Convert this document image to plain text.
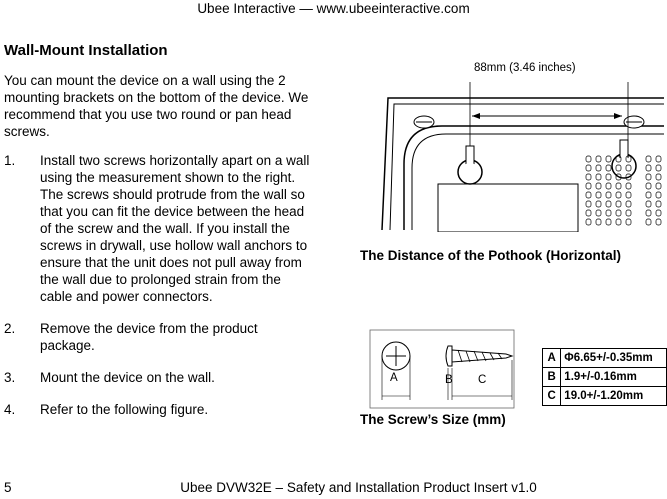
Ubee Interactive — www.ubeeinteractive.com
Wall-Mount Installation
You can mount the device on a wall using the 2 mounting brackets on the bottom of the device. We recommend that you use two round or pan head screws.
1.	Install two screws horizontally apart on a wall using the measurement shown to the right. The screws should protrude from the wall so that you can fit the device between the head of the screw and the wall. If you install the screws in drywall, use hollow wall anchors to ensure that the unit does not pull away from the wall due to prolonged strain from the cable and power connectors.
2.	Remove the device from the product package.
3.	Mount the device on the wall.
4.	Refer to the following figure.
88mm (3.46 inches)
The Distance of the Pothook (Horizontal)
A	B C
A	Φ6.65+/-0.35mm
B	1.9+/-0.16mm
C	19.0+/-1.20mm
The Screw’s Size (mm)
5	Ubee DVW32E – Safety and Installation Product Insert v1.0
